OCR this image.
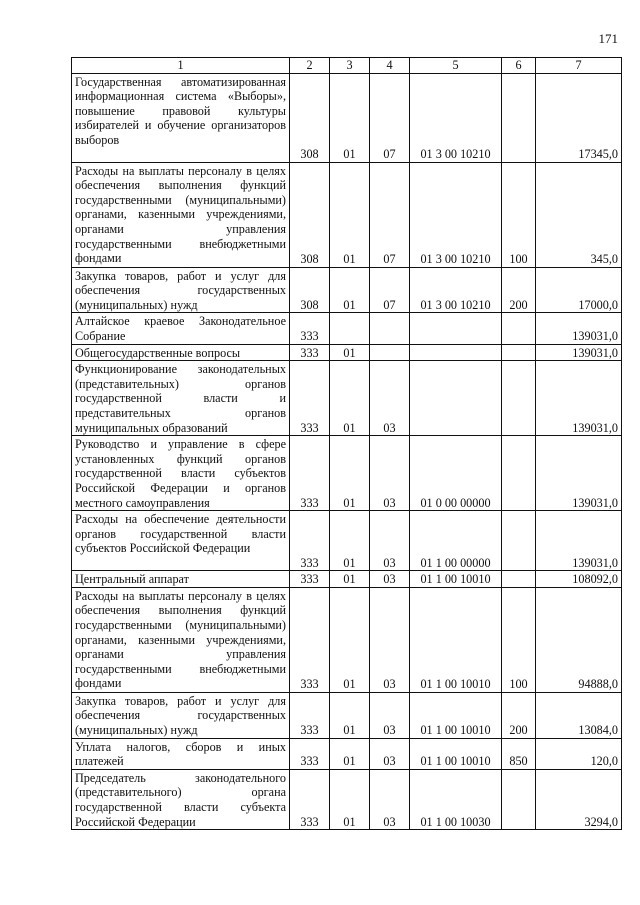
171
1	2	3	4	5	6	7
Государственная автоматизированная информационная система «Выборы», повышение правовой культуры избирателей и обучение организаторов выборов	308	01	07	01 3 00 10210		17345,0
Расходы на выплаты персоналу в целях обеспечения выполнения функций государственными (муниципальными) органами, казенными учреждениями, органами управления государственными внебюджетными фондами	308	01	07	01 3 00 10210	100	345,0
Закупка товаров, работ и услуг для обеспечения государственных (муниципальных) нужд	308	01	07	01 3 00 10210	200	17000,0
Алтайское краевое Законодательное Собрание	333					139031,0
Общегосударственные вопросы	333	01				139031,0
Функционирование законодательных (представительных) органов государственной власти и представительных органов муниципальных образований	333	01	03			139031,0
Руководство и управление в сфере установленных функций органов государственной власти субъектов Российской Федерации и органов местного самоуправления	333	01	03	01 0 00 00000		139031,0
Расходы на обеспечение деятельности органов государственной власти субъектов Российской Федерации	333	01	03	01 1 00 00000		139031,0
Центральный аппарат	333	01	03	01 1 00 10010		108092,0
Расходы на выплаты персоналу в целях обеспечения выполнения функций государственными (муниципальными) органами, казенными учреждениями, органами управления государственными внебюджетными фондами	333	01	03	01 1 00 10010	100	94888,0
Закупка товаров, работ и услуг для обеспечения государственных (муниципальных) нужд	333	01	03	01 1 00 10010	200	13084,0
Уплата налогов, сборов и иных платежей	333	01	03	01 1 00 10010	850	120,0
Председатель законодательного (представительного) органа государственной власти субъекта Российской Федерации	333	01	03	01 1 00 10030		3294,0
